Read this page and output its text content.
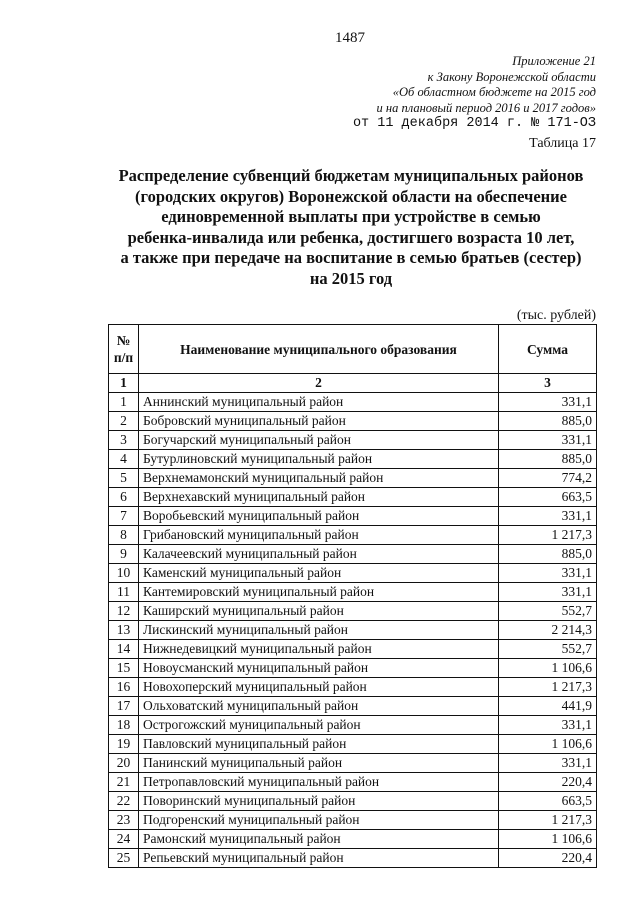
1487
Приложение 21
к Закону Воронежской области
«Об областном бюджете на 2015 год
и на плановый период 2016 и 2017 годов»
от 11 декабря 2014 г. № 171-ОЗ
Таблица 17
Распределение субвенций бюджетам муниципальных районов
(городских округов) Воронежской области на обеспечение
единовременной выплаты при устройстве в семью
ребенка-инвалида или ребенка, достигшего возраста 10 лет,
а также при передаче на воспитание в семью братьев (сестер)
на 2015 год
(тыс. рублей)
№ п/п	Наименование муниципального образования	Сумма
1	2	3
1	Аннинский муниципальный район	331,1
2	Бобровский муниципальный район	885,0
3	Богучарский муниципальный район	331,1
4	Бутурлиновский муниципальный район	885,0
5	Верхнемамонский муниципальный район	774,2
6	Верхнехавский муниципальный район	663,5
7	Воробьевский муниципальный район	331,1
8	Грибановский муниципальный район	1 217,3
9	Калачеевский муниципальный район	885,0
10	Каменский муниципальный район	331,1
11	Кантемировский муниципальный район	331,1
12	Каширский муниципальный район	552,7
13	Лискинский муниципальный район	2 214,3
14	Нижнедевицкий муниципальный район	552,7
15	Новоусманский муниципальный район	1 106,6
16	Новохоперский муниципальный район	1 217,3
17	Ольховатский муниципальный район	441,9
18	Острогожский муниципальный район	331,1
19	Павловский муниципальный район	1 106,6
20	Панинский муниципальный район	331,1
21	Петропавловский муниципальный район	220,4
22	Поворинский муниципальный район	663,5
23	Подгоренский муниципальный район	1 217,3
24	Рамонский муниципальный район	1 106,6
25	Репьевский муниципальный район	220,4
